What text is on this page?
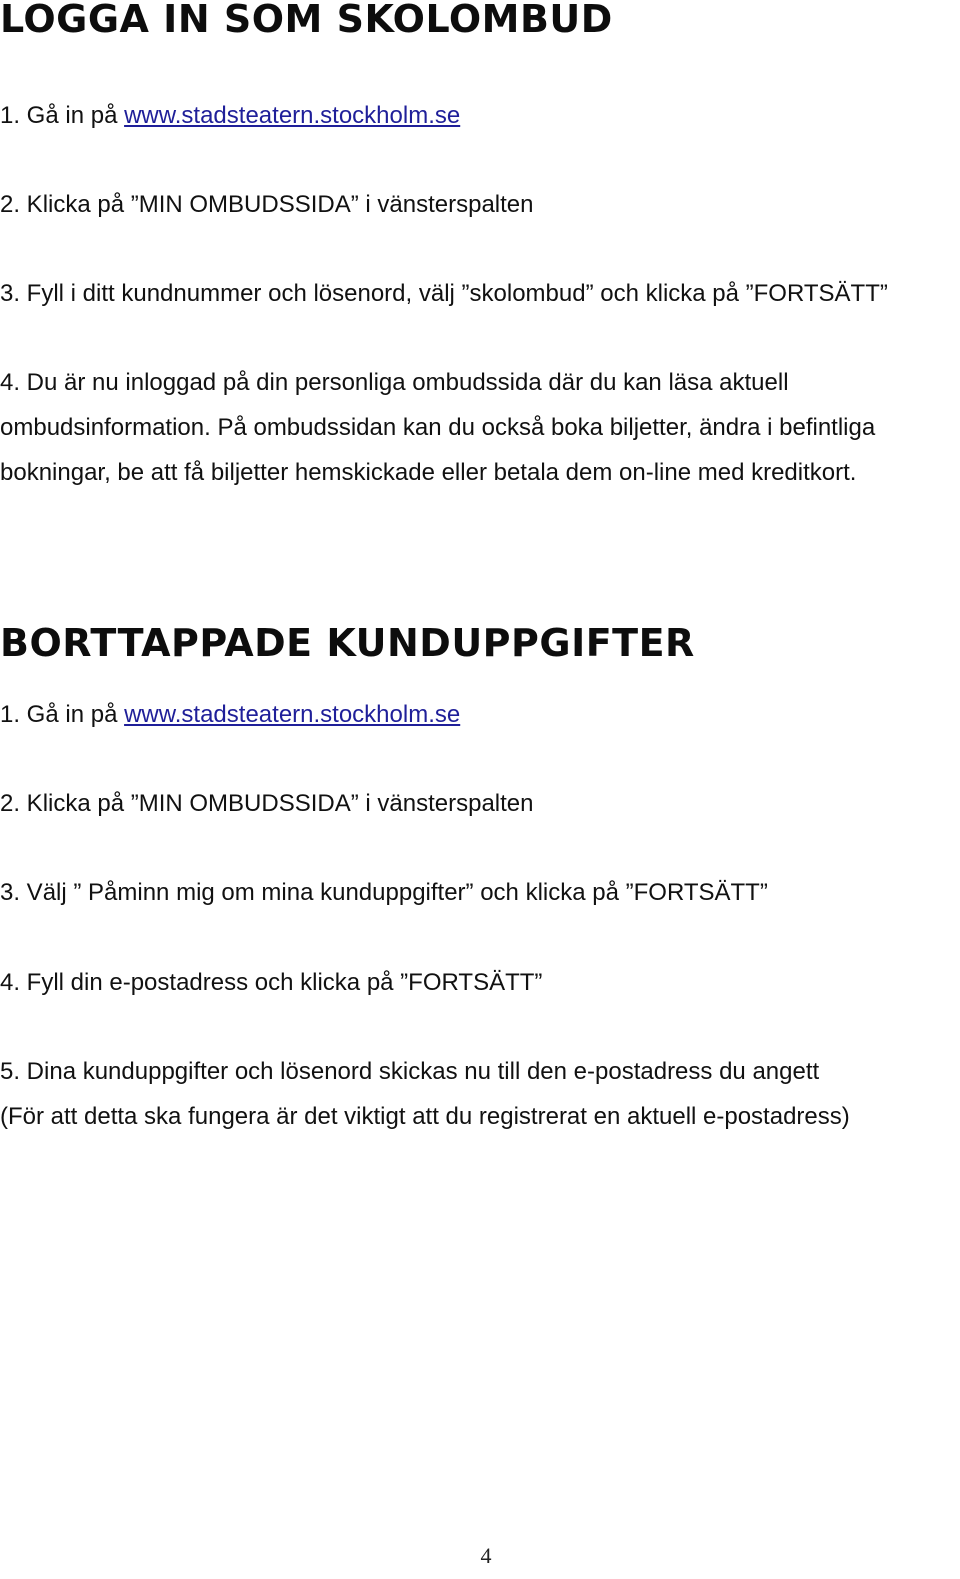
LOGGA IN SOM SKOLOMBUD

1. Gå in på www.stadsteatern.stockholm.se

2. Klicka på ”MIN OMBUDSSIDA” i vänsterspalten

3. Fyll i ditt kundnummer och lösenord, välj ”skolombud” och klicka på ”FORTSÄTT”

4. Du är nu inloggad på din personliga ombudssida där du kan läsa aktuell
ombudsinformation. På ombudssidan kan du också boka biljetter, ändra i befintliga
bokningar, be att få biljetter hemskickade eller betala dem on-line med kreditkort.
BORTTAPPADE KUNDUPPGIFTER

1. Gå in på www.stadsteatern.stockholm.se

2. Klicka på ”MIN OMBUDSSIDA” i vänsterspalten

3. Välj ” Påminn mig om mina kunduppgifter” och klicka på ”FORTSÄTT”

4. Fyll din e-postadress och klicka på ”FORTSÄTT”

5. Dina kunduppgifter och lösenord skickas nu till den e-postadress du angett
(För att detta ska fungera är det viktigt att du registrerat en aktuell e-postadress)
4
